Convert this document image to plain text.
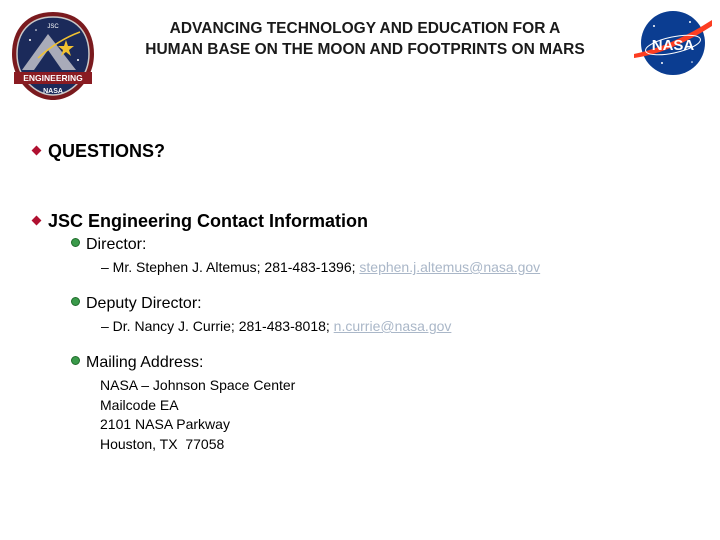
JSC
ENGINEERING
NASA
ADVANCING TECHNOLOGY AND EDUCATION FOR A
HUMAN BASE ON THE MOON AND FOOTPRINTS ON MARS	NASA
QUESTIONS?
JSC Engineering Contact Information
Director:
– Mr. Stephen J. Altemus; 281-483-1396; stephen.j.altemus@nasa.gov
Deputy Director:
– Dr. Nancy J. Currie; 281-483-8018; n.currie@nasa.gov
Mailing Address:
NASA – Johnson Space Center
Mailcode EA
2101 NASA Parkway
Houston, TX  77058
